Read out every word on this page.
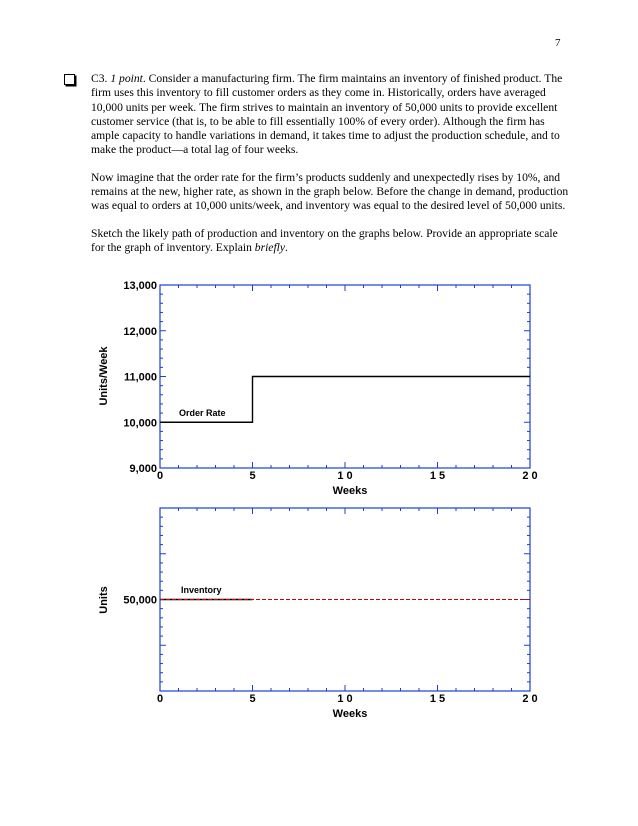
7

C3. 1 point. Consider a manufacturing firm. The firm maintains an inventory of finished product. The firm uses this inventory to fill customer orders as they come in. Historically, orders have averaged 10,000 units per week. The firm strives to maintain an inventory of 50,000 units to provide excellent customer service (that is, to be able to fill essentially 100% of every order). Although the firm has ample capacity to handle variations in demand, it takes time to adjust the production schedule, and to make the product—a total lag of four weeks.

Now imagine that the order rate for the firm’s products suddenly and unexpectedly rises by 10%, and remains at the new, higher rate, as shown in the graph below. Before the change in demand, production was equal to orders at 10,000 units/week, and inventory was equal to the desired level of 50,000 units.

Sketch the likely path of production and inventory on the graphs below. Provide an appropriate scale for the graph of inventory. Explain briefly.

0	5	1 0	1 5	2 0
9,000
10,000
11,000
12,000
13,000
Weeks
Units/Week
Order Rate
0	5	1 0	1 5	2 0
50,000
Weeks
Units	Inventory
